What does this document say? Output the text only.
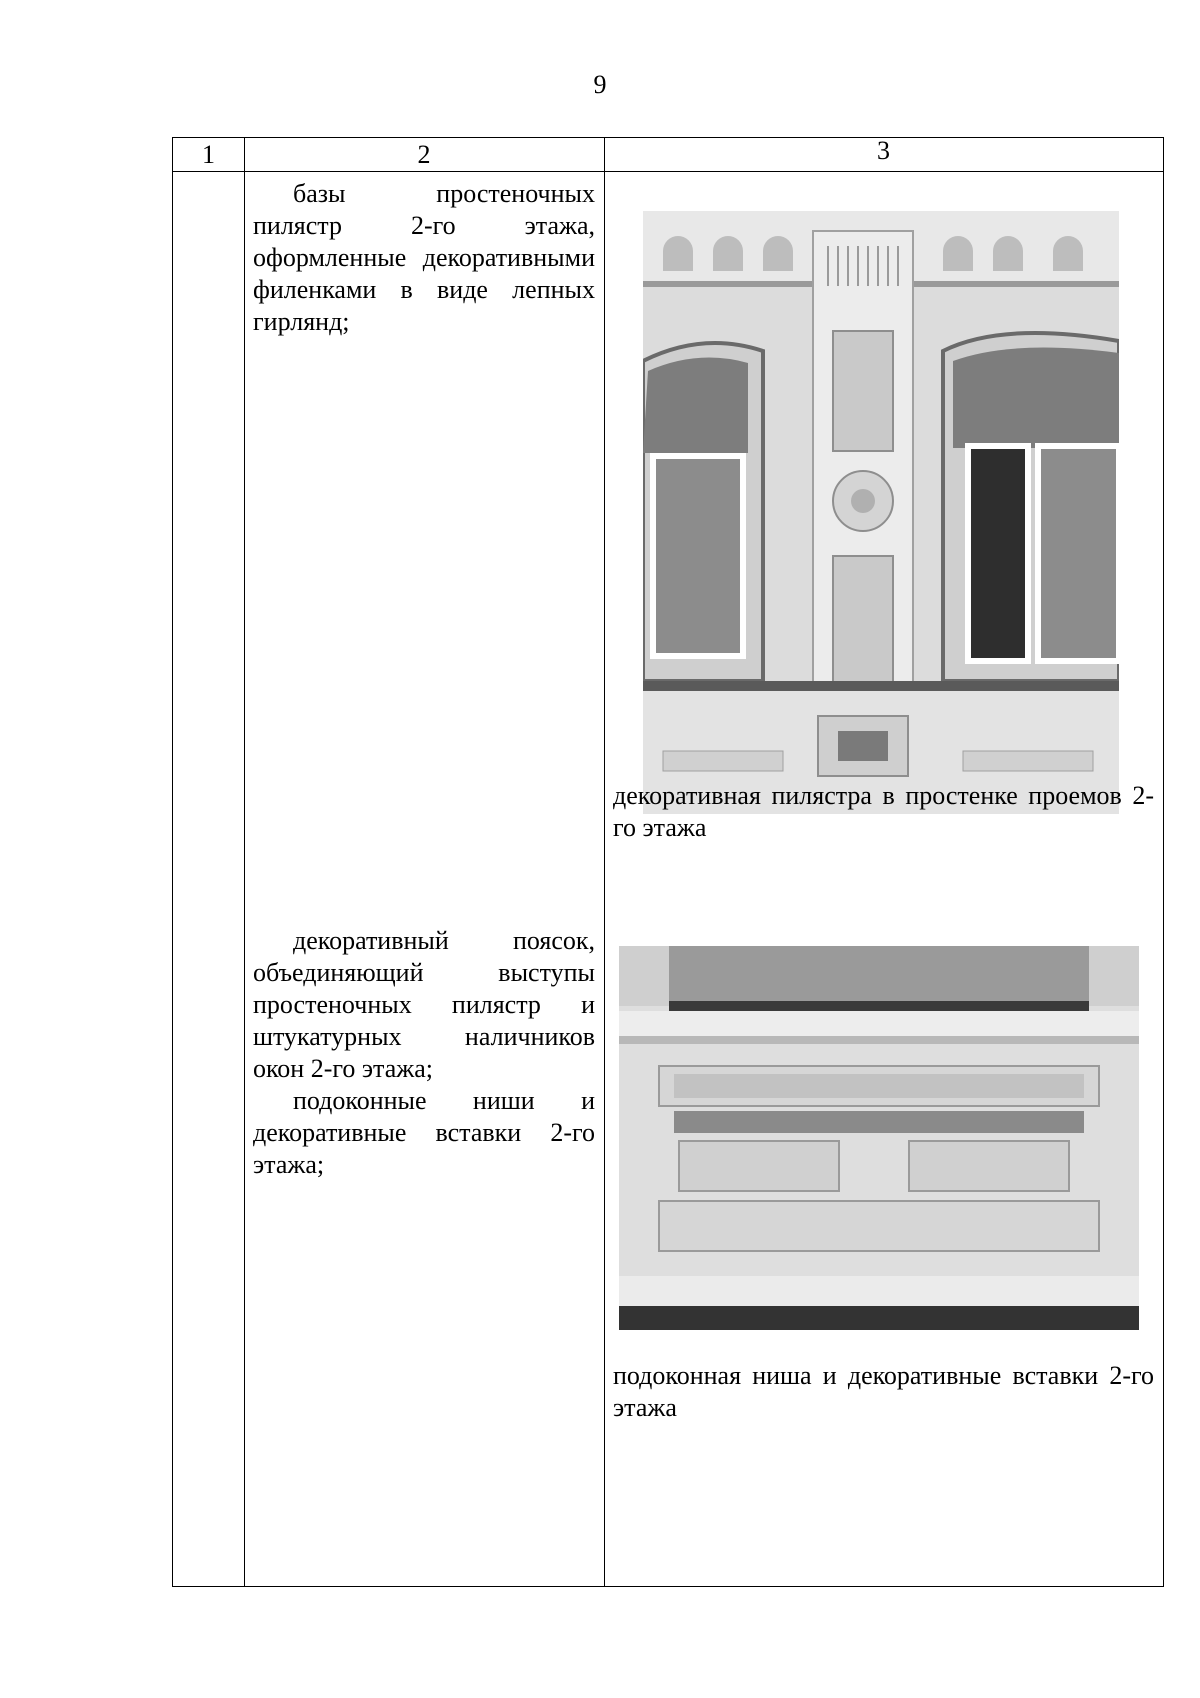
9
1	2	3

базы простеночных пилястр 2-го этажа, оформленные декоративными филенками в виде лепных гирлянд;

декоративный поясок, объединяющий выступы простеночных пилястр и штукатурных наличников окон 2-го этажа;

подоконные ниши и декоративные вставки 2-го этажа;

декоративная пилястра в простенке проемов 2-го этажа
подоконная ниша и декоративные вставки 2-го этажа
